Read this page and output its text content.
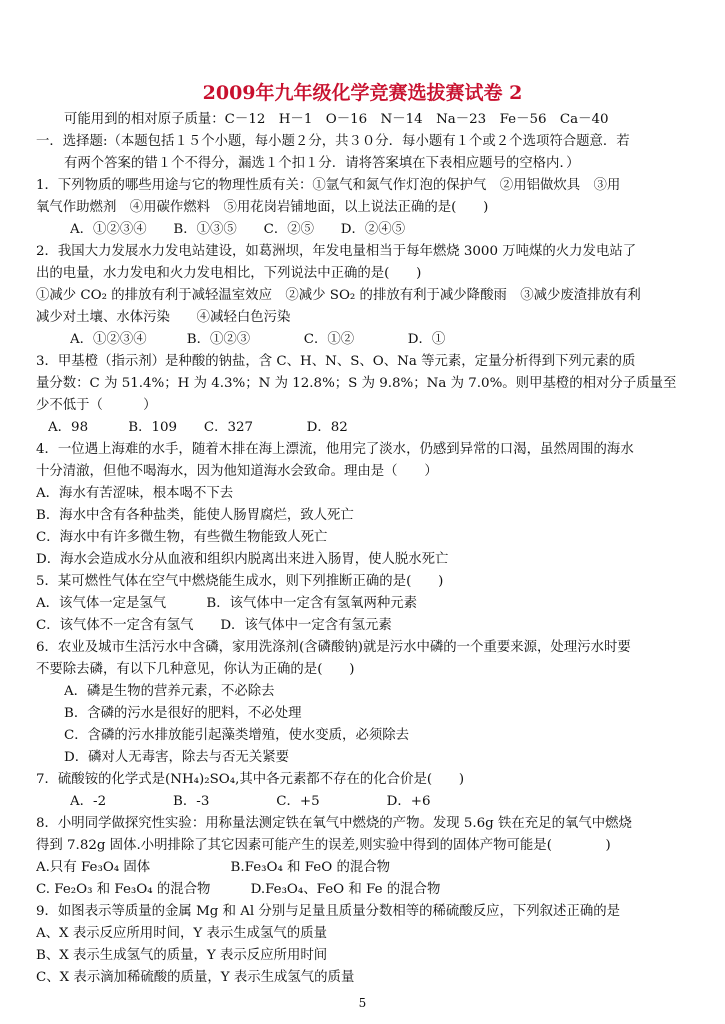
2009年九年级化学竞赛选拔赛试卷 2
可能用到的相对原子质量：C－12　H－1　O－16　N－14　Na－23　Fe－56　Ca－40
一．选择题:（本题包括１５个小题，每小题２分，共３０分．每小题有１个或２个选项符合题意．若
有两个答案的错１个不得分，漏选１个扣１分．请将答案填在下表相应题号的空格内．）
1．下列物质的哪些用途与它的物理性质有关：①氩气和氮气作灯泡的保护气　②用铝做炊具　③用
氧气作助燃剂　④用碳作燃料　⑤用花岗岩铺地面，以上说法正确的是(　　)
A．①②③④　　B．①③⑤　　C．②⑤　　D．②④⑤
2．我国大力发展水力发电站建设，如葛洲坝，年发电量相当于每年燃烧 3000 万吨煤的火力发电站了
出的电量，水力发电和火力发电相比，下列说法中正确的是(　　)
①减少 CO₂ 的排放有利于减轻温室效应　②减少 SO₂ 的排放有利于减少降酸雨　③减少废渣排放有利
减少对土壤、水体污染　　④减轻白色污染
A．①②③④　　　B．①②③　　　　C．①②　　　　D．①
3．甲基橙（指示剂）是种酸的钠盐，含 C、H、N、S、O、Na 等元素，定量分析得到下列元素的质
量分数：C 为 51.4%；H 为 4.3%；N 为 12.8%；S 为 9.8%；Na 为 7.0%。则甲基橙的相对分子质量至
少不低于（　　　）
A．98　　　B．109　　C．327　　　　D．82
4．一位遇上海难的水手，随着木排在海上漂流，他用完了淡水，仍感到异常的口渴，虽然周围的海水
十分清澈，但他不喝海水，因为他知道海水会致命。理由是（　　）
A．海水有苦涩味，根本喝不下去
B．海水中含有各种盐类，能使人肠胃腐烂，致人死亡
C．海水中有许多微生物，有些微生物能致人死亡
D．海水会造成水分从血液和组织内脱离出来进入肠胃，使人脱水死亡
5．某可燃性气体在空气中燃烧能生成水，则下列推断正确的是(　　)
A．该气体一定是氢气　　　B．该气体中一定含有氢氧两种元素
C．该气体不一定含有氢气　　D．该气体中一定含有氢元素
6．农业及城市生活污水中含磷，家用洗涤剂(含磷酸钠)就是污水中磷的一个重要来源，处理污水时要
不要除去磷，有以下几种意见，你认为正确的是(　　)
A．磷是生物的营养元素，不必除去
B．含磷的污水是很好的肥料，不必处理
C．含磷的污水排放能引起藻类增殖，使水变质，必须除去
D．磷对人无毒害，除去与否无关紧要
7．硫酸铵的化学式是(NH₄)₂SO₄,其中各元素都不存在的化合价是(　　)
A．-2　　　　　B．-3　　　　　C．+5　　　　　D．+6
8．小明同学做探究性实验：用称量法测定铁在氧气中燃烧的产物。发现 5.6g 铁在充足的氧气中燃烧
得到 7.82g 固体.小明排除了其它因素可能产生的误差,则实验中得到的固体产物可能是(　　　　)
A.只有 Fe₃O₄ 固体　　　　　　B.Fe₃O₄ 和 FeO 的混合物
C. Fe₂O₃ 和 Fe₃O₄ 的混合物　　　D.Fe₃O₄、FeO 和 Fe 的混合物
9．如图表示等质量的金属 Mg 和 Al 分别与足量且质量分数相等的稀硫酸反应，下列叙述正确的是
A、X 表示反应所用时间，Y 表示生成氢气的质量
B、X 表示生成氢气的质量，Y 表示反应所用时间
C、X 表示滴加稀硫酸的质量，Y 表示生成氢气的质量
5
